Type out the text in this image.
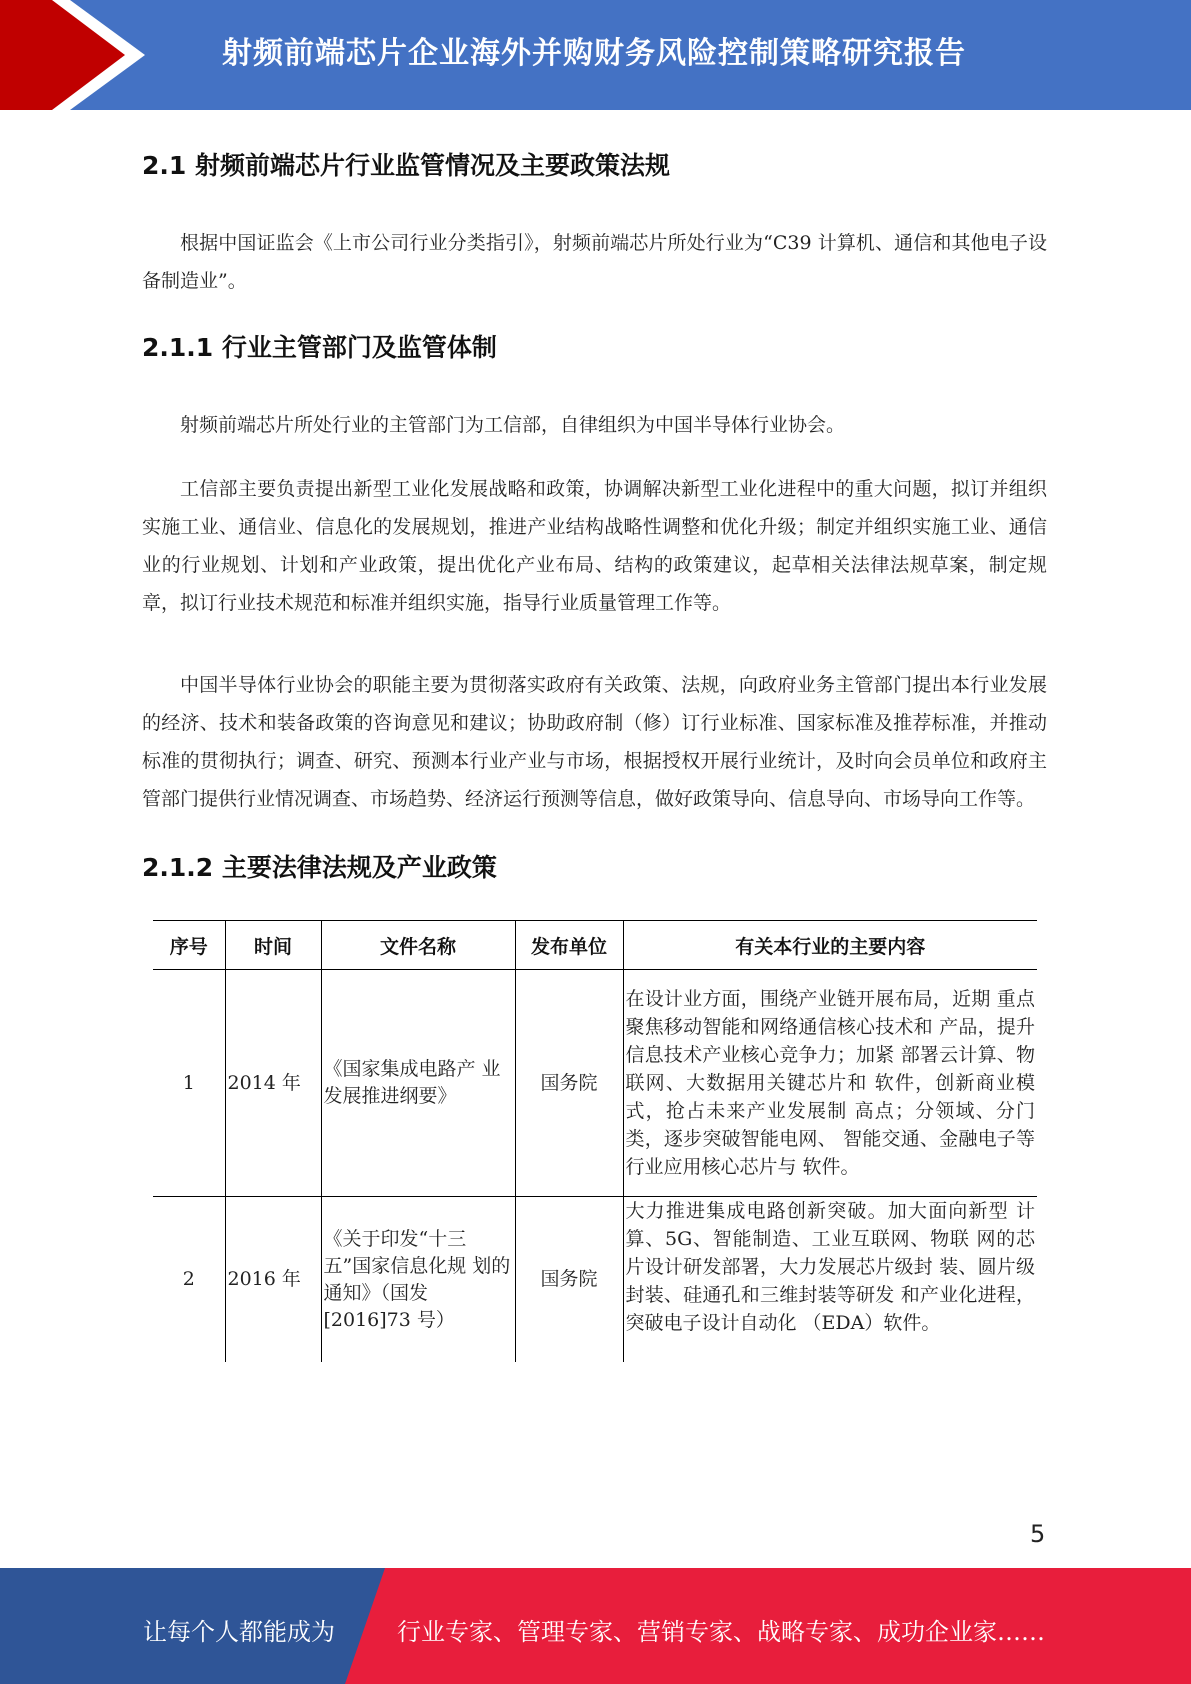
射频前端芯片企业海外并购财务风险控制策略研究报告
2.1 射频前端芯片行业监管情况及主要政策法规

根据中国证监会《上市公司行业分类指引》，射频前端芯片所处行业为“C39 计算机、通信和其他电子设备制造业”。

2.1.1 行业主管部门及监管体制

射频前端芯片所处行业的主管部门为工信部，自律组织为中国半导体行业协会。

工信部主要负责提出新型工业化发展战略和政策，协调解决新型工业化进程中的重大问题，拟订并组织实施工业、通信业、信息化的发展规划，推进产业结构战略性调整和优化升级；制定并组织实施工业、通信业的行业规划、计划和产业政策，提出优化产业布局、结构的政策建议，起草相关法律法规草案，制定规章，拟订行业技术规范和标准并组织实施，指导行业质量管理工作等。

中国半导体行业协会的职能主要为贯彻落实政府有关政策、法规，向政府业务主管部门提出本行业发展的经济、技术和装备政策的咨询意见和建议；协助政府制（修）订行业标准、国家标准及推荐标准，并推动标准的贯彻执行；调查、研究、预测本行业产业与市场，根据授权开展行业统计，及时向会员单位和政府主管部门提供行业情况调查、市场趋势、经济运行预测等信息，做好政策导向、信息导向、市场导向工作等。

2.1.2 主要法律法规及产业政策
序号	时间	文件名称	发布单位	有关本行业的主要内容
1	2014 年	《国家集成电路产 业发展推进纲要》	国务院	在设计业方面，围绕产业链开展布局，近期 重点聚焦移动智能和网络通信核心技术和 产品，提升信息技术产业核心竞争力；加紧 部署云计算、物联网、大数据用关键芯片和 软件，创新商业模式，抢占未来产业发展制 高点；分领域、分门类，逐步突破智能电网、 智能交通、金融电子等行业应用核心芯片与 软件。
2	2016 年	《关于印发“十三 五”国家信息化规 划的通知》（国发 [2016]73 号）	国务院	大力推进集成电路创新突破。加大面向新型 计算、5G、智能制造、工业互联网、物联 网的芯片设计研发部署，大力发展芯片级封 装、圆片级封装、硅通孔和三维封装等研发 和产业化进程，突破电子设计自动化 （EDA）软件。
5
让每个人都能成为	行业专家、管理专家、营销专家、战略专家、成功企业家……
